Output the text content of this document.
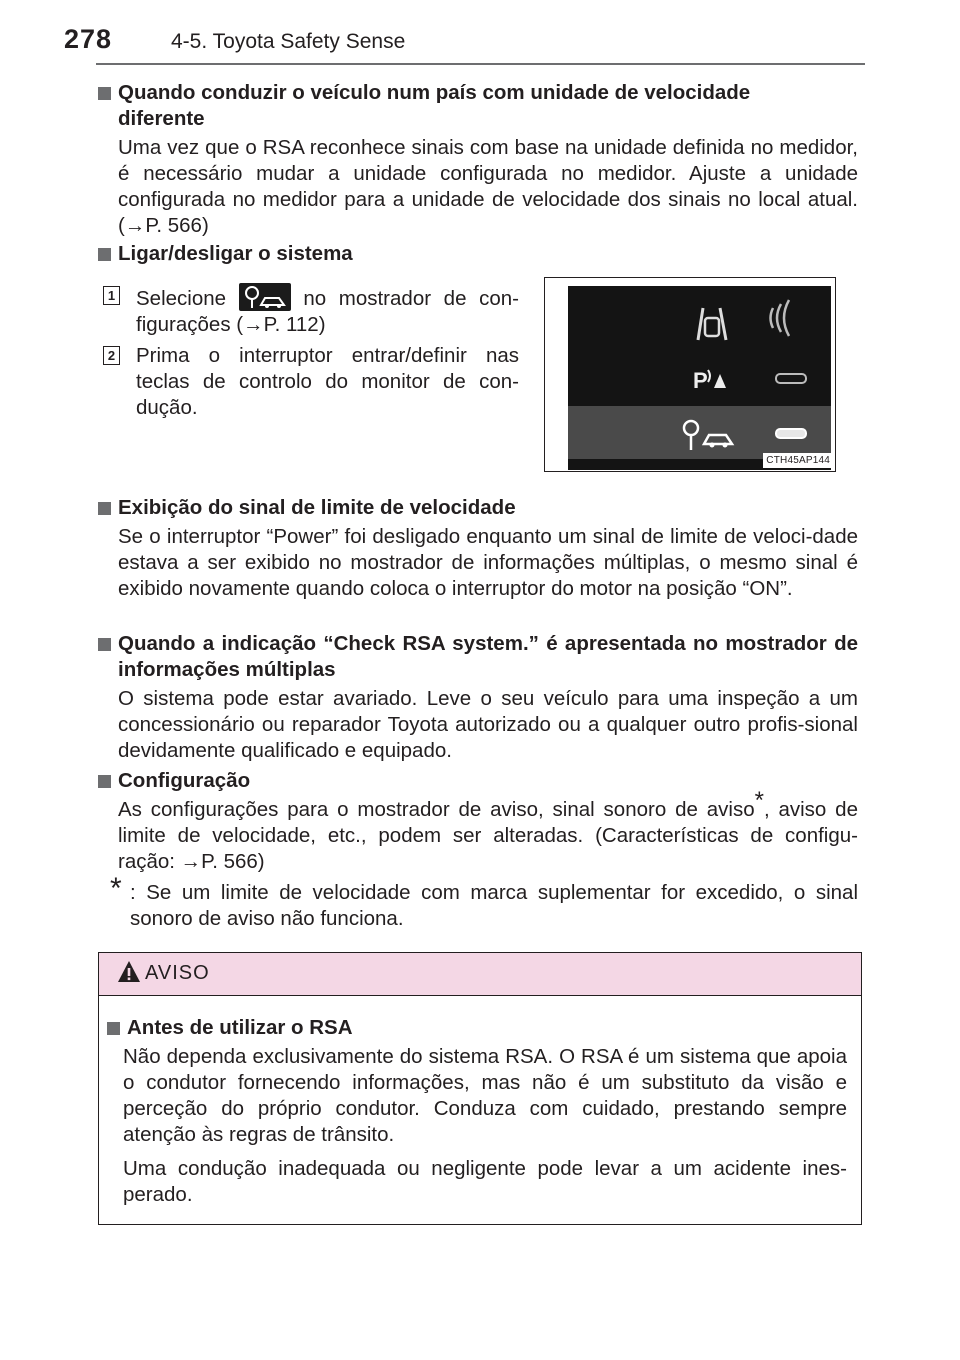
278	4-5. Toyota Safety Sense
Quando conduzir o veículo num país com unidade de velocidade
diferente
Uma vez que o RSA reconhece sinais com base na unidade definida no medidor, é necessário mudar a unidade configurada no medidor. Ajuste a unidade configurada no medidor para a unidade de velocidade dos sinais no local atual. (→P. 566)
Ligar/desligar o sistema
1 Selecione	no mostrador de con-figurações (→P. 112)
2 Prima o interruptor entrar/definir nas teclas de controlo do monitor de con-dução.
P
CTH45AP144
Exibição do sinal de limite de velocidade
Se o interruptor “Power” foi desligado enquanto um sinal de limite de veloci-dade estava a ser exibido no mostrador de informações múltiplas, o mesmo sinal é exibido novamente quando coloca o interruptor do motor na posição “ON”.
Quando a indicação “Check RSA system.” é apresentada no mostrador de informações múltiplas
O sistema pode estar avariado. Leve o seu veículo para uma inspeção a um concessionário ou reparador Toyota autorizado ou a qualquer outro profis-sional devidamente qualificado e equipado.
Configuração
As configurações para o mostrador de aviso, sinal sonoro de aviso*, aviso de limite de velocidade, etc., podem ser alteradas. (Características de configu-ração: →P. 566)
* : Se um limite de velocidade com marca suplementar for excedido, o sinal sonoro de aviso não funciona.
AVISO
Antes de utilizar o RSA
Não dependa exclusivamente do sistema RSA. O RSA é um sistema que apoia o condutor fornecendo informações, mas não é um substituto da visão e perceção do próprio condutor. Conduza com cuidado, prestando sempre atenção às regras de trânsito.
Uma condução inadequada ou negligente pode levar a um acidente ines-perado.
